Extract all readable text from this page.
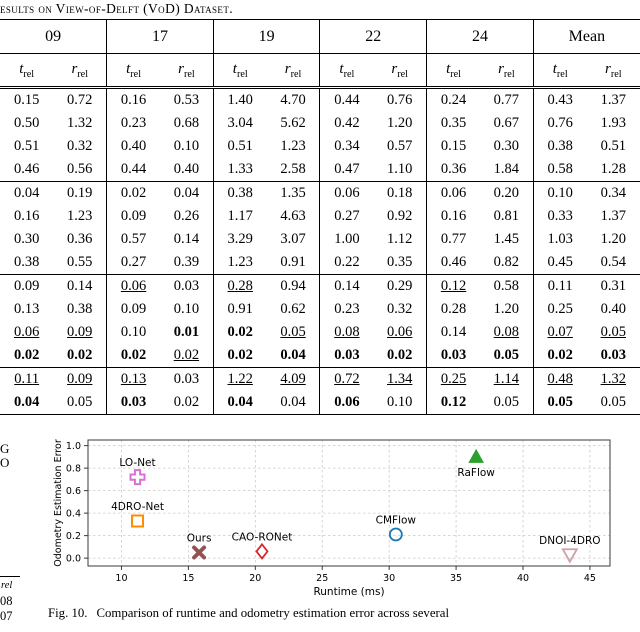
esults on View-of-Delft (VoD) Dataset.
09		17		19		22		24		Mean	
$t_{rel}$	$r_{rel}$	$t_{rel}$	$r_{rel}$	$t_{rel}$	$r_{rel}$	$t_{rel}$	$r_{rel}$	$t_{rel}$	$r_{rel}$	$t_{rel}$	$r_{rel}$
0.15	0.72	0.16	0.53	1.40	4.70	0.44	0.76	0.24	0.77	0.43	1.37
0.50	1.32	0.23	0.68	3.04	5.62	0.42	1.20	0.35	0.67	0.76	1.93
0.51	0.32	0.40	0.10	0.51	1.23	0.34	0.57	0.15	0.30	0.38	0.51
0.46	0.56	0.44	0.40	1.33	2.58	0.47	1.10	0.36	1.84	0.58	1.28
0.04	0.19	0.02	0.04	0.38	1.35	0.06	0.18	0.06	0.20	0.10	0.34
0.16	1.23	0.09	0.26	1.17	4.63	0.27	0.92	0.16	0.81	0.33	1.37
0.30	0.36	0.57	0.14	3.29	3.07	1.00	1.12	0.77	1.45	1.03	1.20
0.38	0.55	0.27	0.39	1.23	0.91	0.22	0.35	0.46	0.82	0.45	0.54
0.09	0.14	0.06	0.03	0.28	0.94	0.14	0.29	0.12	0.58	0.11	0.31
0.13	0.38	0.09	0.10	0.91	0.62	0.23	0.32	0.28	1.20	0.25	0.40
0.06	0.09	0.10	0.01	0.02	0.05	0.08	0.06	0.14	0.08	0.07	0.05
0.02	0.02	0.02	0.02	0.02	0.04	0.03	0.02	0.03	0.05	0.02	0.03
0.11	0.09	0.13	0.03	1.22	4.09	0.72	1.34	0.25	1.14	0.48	1.32
0.04	0.05	0.03	0.02	0.04	0.04	0.06	0.10	0.12	0.05	0.05	0.05
G
O
rel
08
07
10	15	20	25	30	35	40	45
0.0
0.2
0.4
0.6
0.8
1.0
Runtime (ms)
Odometry Estimation Error	LO-Net
4DRO-Net
Ours CAO-RONet
CMFlow
RaFlow
DNOI-4DRO
Fig. 10. Comparison of runtime and odometry estimation error across several
